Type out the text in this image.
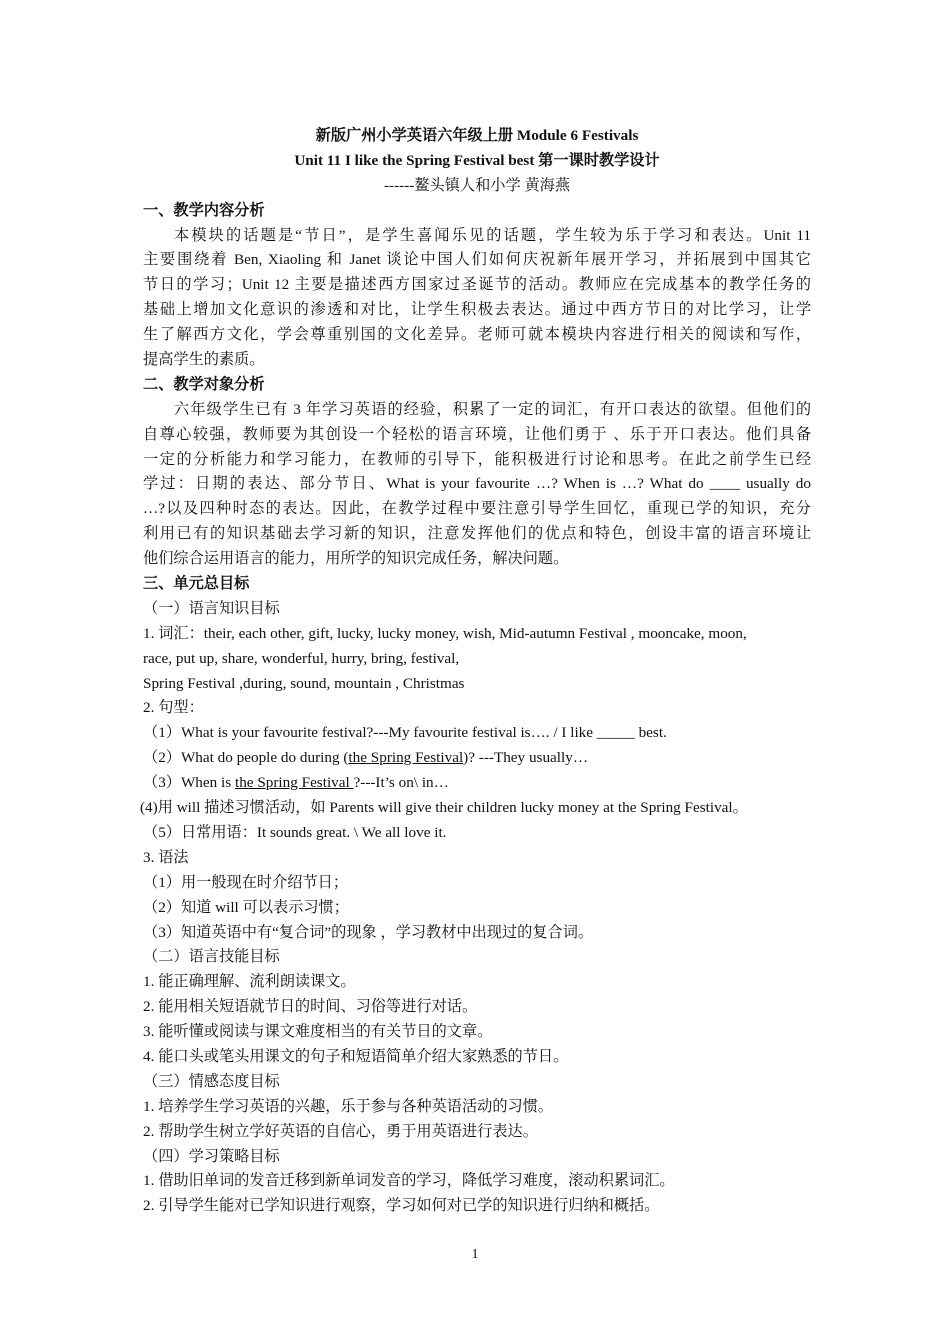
新版广州小学英语六年级上册 Module 6 Festivals
Unit 11 I like the Spring Festival best 第一课时教学设计
------鳌头镇人和小学 黄海燕
一、教学内容分析
本模块的话题是“节日”，是学生喜闻乐见的话题，学生较为乐于学习和表达。Unit 11
主要围绕着 Ben, Xiaoling 和 Janet 谈论中国人们如何庆祝新年展开学习，并拓展到中国其它
节日的学习；Unit 12 主要是描述西方国家过圣诞节的活动。教师应在完成基本的教学任务的
基础上增加文化意识的渗透和对比，让学生积极去表达。通过中西方节日的对比学习，让学
生了解西方文化，学会尊重别国的文化差异。老师可就本模块内容进行相关的阅读和写作，
提高学生的素质。
二、教学对象分析
六年级学生已有 3 年学习英语的经验，积累了一定的词汇，有开口表达的欲望。但他们的
自尊心较强，教师要为其创设一个轻松的语言环境，让他们勇于 、乐于开口表达。他们具备
一定的分析能力和学习能力，在教师的引导下，能积极进行讨论和思考。在此之前学生已经
学过：日期的表达、部分节日、What is your favourite …? When is …? What do ____ usually do
…?以及四种时态的表达。因此，在教学过程中要注意引导学生回忆，重现已学的知识，充分
利用已有的知识基础去学习新的知识，注意发挥他们的优点和特色，创设丰富的语言环境让
他们综合运用语言的能力，用所学的知识完成任务，解决问题。
三、单元总目标
（一）语言知识目标
1. 词汇：their, each other, gift, lucky, lucky money, wish, Mid-autumn Festival , mooncake, moon,
race, put up, share, wonderful, hurry, bring, festival,
Spring Festival ,during, sound, mountain , Christmas
2. 句型：
（1）What is your favourite festival?---My favourite festival is…. / I like _____ best.
（2）What do people do during (the Spring Festival)? ---They usually…
（3）When is the Spring Festival ?---It’s on\ in…
(4)用 will 描述习惯活动，如 Parents will give their children lucky money at the Spring Festival。
（5）日常用语：It sounds great. \ We all love it.
3. 语法
（1）用一般现在时介绍节日；
（2）知道 will 可以表示习惯；
（3）知道英语中有“复合词”的现象 ，学习教材中出现过的复合词。
（二）语言技能目标
1. 能正确理解、流利朗读课文。
2. 能用相关短语就节日的时间、习俗等进行对话。
3. 能听懂或阅读与课文难度相当的有关节日的文章。
4. 能口头或笔头用课文的句子和短语简单介绍大家熟悉的节日。
（三）情感态度目标
1. 培养学生学习英语的兴趣，乐于参与各种英语活动的习惯。
2. 帮助学生树立学好英语的自信心，勇于用英语进行表达。
（四）学习策略目标
1. 借助旧单词的发音迁移到新单词发音的学习，降低学习难度，滚动积累词汇。
2. 引导学生能对已学知识进行观察，学习如何对已学的知识进行归纳和概括。
1
